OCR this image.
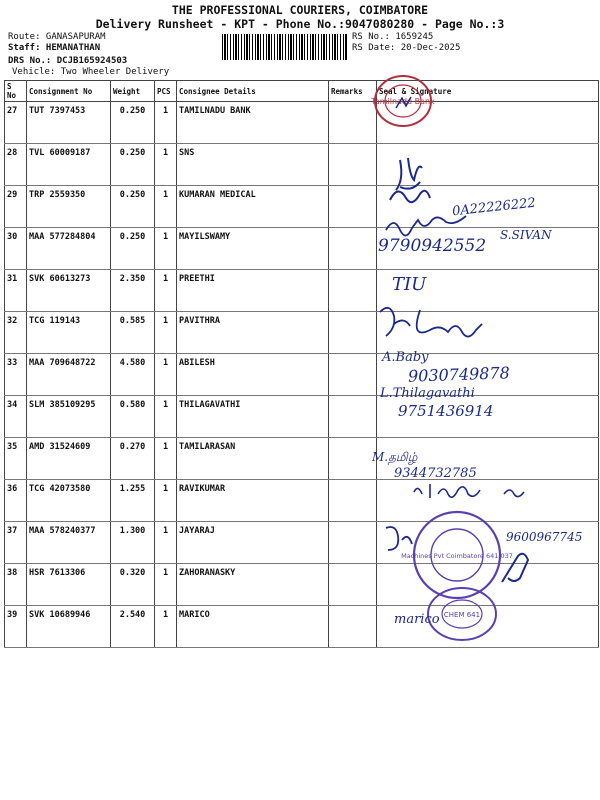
THE PROFESSIONAL COURIERS, COIMBATORE
Delivery Runsheet - KPT - Phone No.:9047080280 - Page No.:3
Route: GANASAPURAM
Staff: HEMANATHAN
DRS No.: DCJB165924503
Vehicle: Two Wheeler Delivery
RS No.: 1659245
RS Date: 20-Dec-2025
S No	Consignment No	Weight	PCS	Consignee Details	Remarks	Seal & Signature
27	TUT 7397453	0.250	1	TAMILNADU BANK		
28	TVL 60009187	0.250	1	SNS		
29	TRP 2559350	0.250	1	KUMARAN MEDICAL		
30	MAA 577284804	0.250	1	MAYILSWAMY		
31	SVK 60613273	2.350	1	PREETHI		
32	TCG 119143	0.585	1	PAVITHRA		
33	MAA 709648722	4.580	1	ABILESH		
34	SLM 385109295	0.580	1	THILAGAVATHI		
35	AMD 31524609	0.270	1	TAMILARASAN		
36	TCG 42073580	1.255	1	RAVIKUMAR		
37	MAA 578240377	1.300	1	JAYARAJ		
38	HSR 7613306	0.320	1	ZAHORANASKY		
39	SVK 10689946	2.540	1	MARICO		
Tamilnadu Bank
0A22226222
S.SIVAN
9790942552
TIU
A.Baby
9030749878
L.Thilagavathi
9751436914
M.தமிழ்
9344732785
9600967745
Machines Pvt Coimbatore 641 037
CHEM 641
marico
